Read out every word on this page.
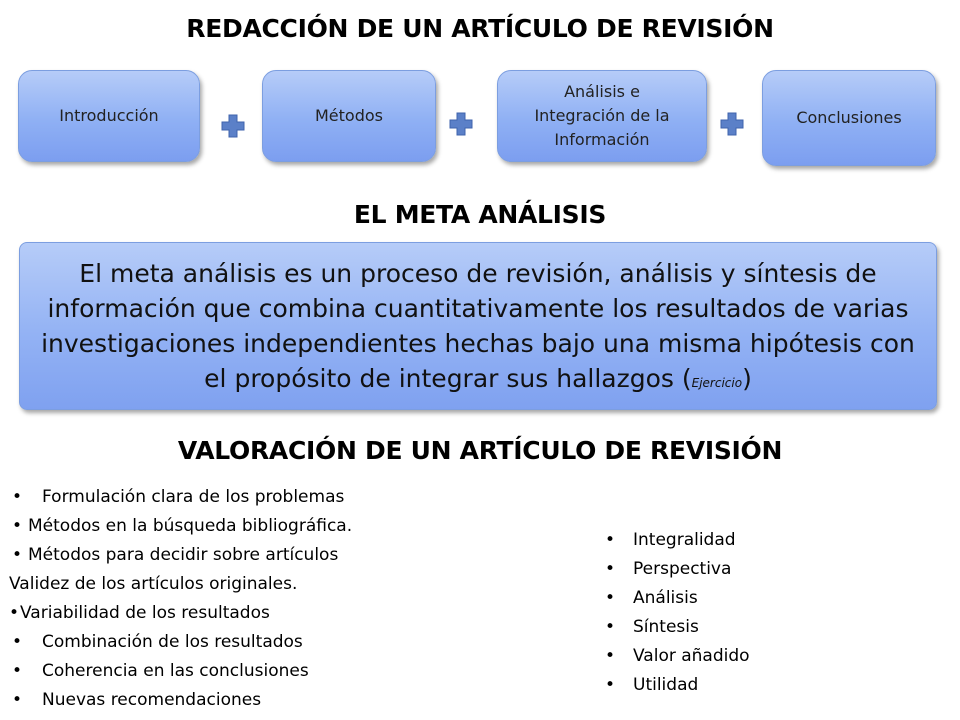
REDACCIÓN DE UN ARTÍCULO DE REVISIÓN
Introducción	Métodos
Análisis e
Integración de la
Información
Conclusiones
EL META ANÁLISIS
El meta análisis es un proceso de revisión, análisis y síntesis de información que combina cuantitativamente los resultados de varias investigaciones independientes hechas bajo una misma hipótesis con el propósito de integrar sus hallazgos (Ejercicio)
VALORACIÓN DE UN ARTÍCULO DE REVISIÓN
• Formulación clara de los problemas
• Métodos en la búsqueda bibliográfica.
• Métodos para decidir sobre artículos
Validez de los artículos originales.
• Variabilidad de los resultados
• Combinación de los resultados
• Coherencia en las conclusiones
• Nuevas recomendaciones
• Integralidad
• Perspectiva
• Análisis
• Síntesis
• Valor añadido
• Utilidad
